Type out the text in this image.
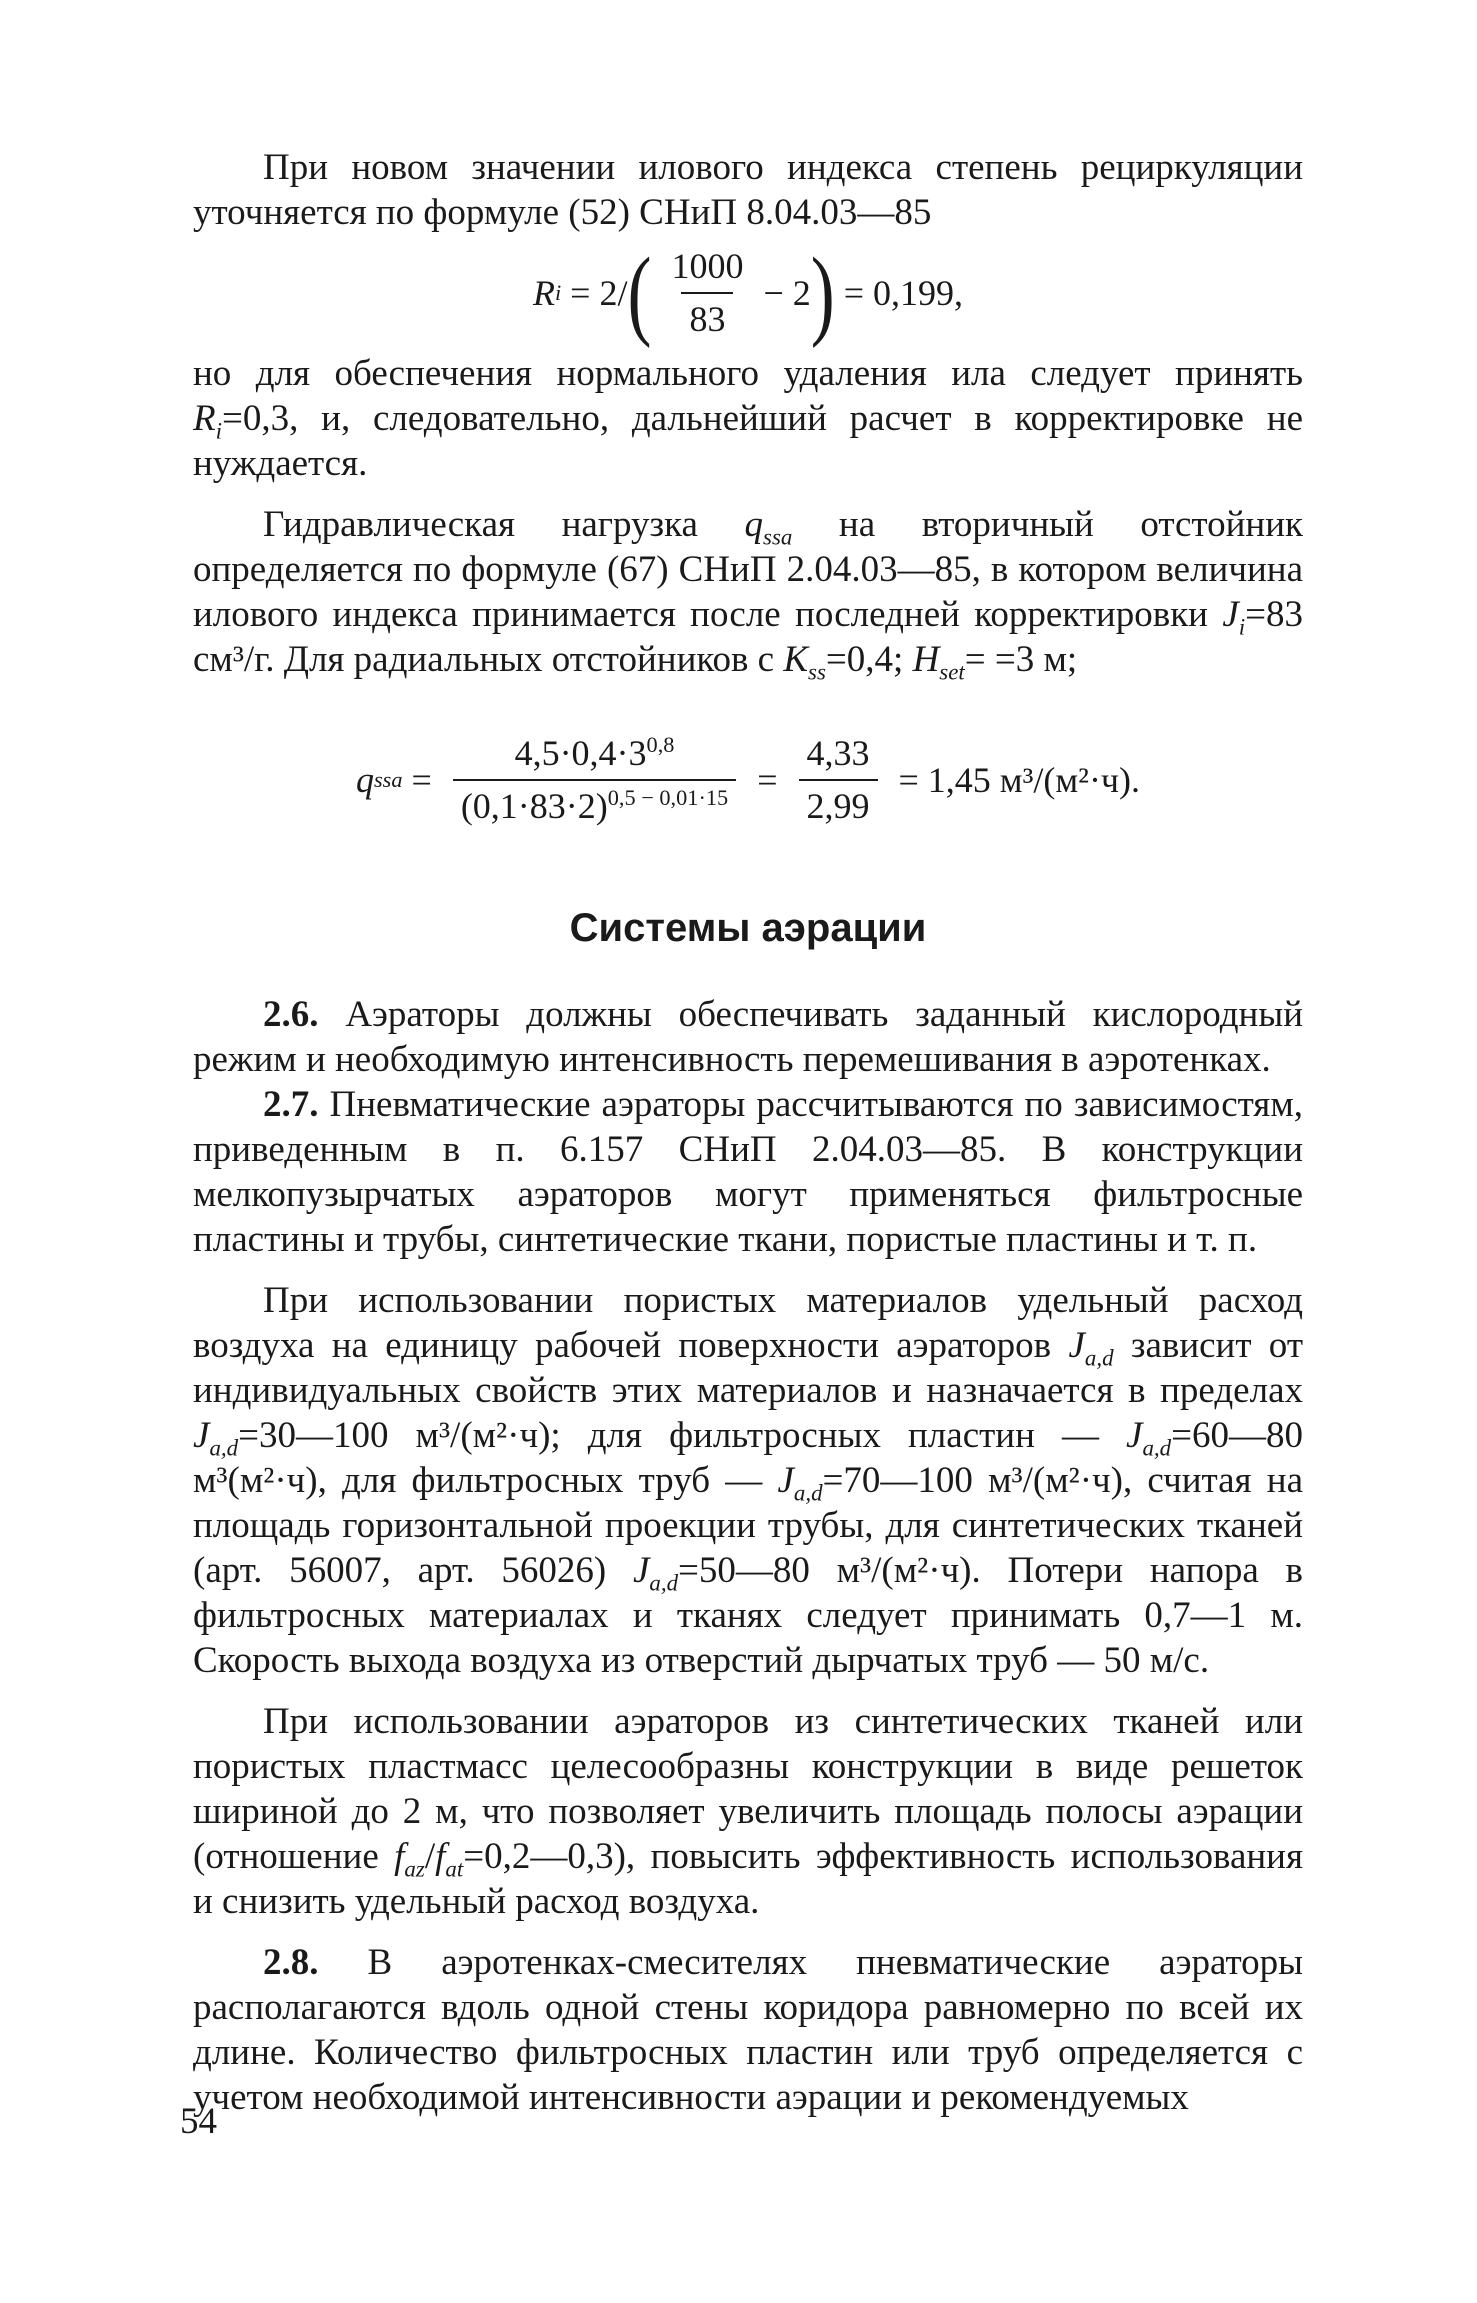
При новом значении илового индекса степень рециркуляции уточняется по формуле (52) СНиП 8.04.03—85

R i = 2/ ( $\frac{1000}{83} - 2$ ) = 0,199,

но для обеспечения нормального удаления ила следует принять $R_i=0,3$, и, следовательно, дальнейший расчет в корректировке не нуждается.

Гидравлическая нагрузка $q_{ssa}$ на вторичный отстойник определяется по формуле (67) СНиП 2.04.03—85, в котором величина илового индекса принимается после последней корректировки $J_i=83$ см³/г. Для радиальных отстойников с $K_{ss}=0,4$; $H_{set}= =3$ м;

q ssa = $\frac{4,5\cdot 0,4\cdot 3^{0,8}}{(0,1\cdot 83\cdot 2)^{0,5 - 0,01\cdot 15}} = \frac{4,33}{2,99} = 1,45$ м³/(м²·ч).
Системы аэрации

2.6. Аэраторы должны обеспечивать заданный кислородный режим и необходимую интенсивность перемешивания в аэротенках.

2.7. Пневматические аэраторы рассчитываются по зависимостям, приведенным в п. 6.157 СНиП 2.04.03—85. В конструкции мелкопузырчатых аэраторов могут применяться фильтросные пластины и трубы, синтетические ткани, пористые пластины и т. п.

При использовании пористых материалов удельный расход воздуха на единицу рабочей поверхности аэраторов $J_{a,d}$ зависит от индивидуальных свойств этих материалов и назначается в пределах $J_{a,d}=30—100$ м³/(м²·ч); для фильтросных пластин — $J_{a,d}=60—80$ м³(м²·ч), для фильтросных труб — $J_{a,d}=70—100$ м³/(м²·ч), считая на площадь горизонтальной проекции трубы, для синтетических тканей (арт. 56007, арт. 56026) $J_{a,d}=50—80$ м³/(м²·ч). Потери напора в фильтросных материалах и тканях следует принимать 0,7—1 м. Скорость выхода воздуха из отверстий дырчатых труб — 50 м/с.

При использовании аэраторов из синтетических тканей или пористых пластмасс целесообразны конструкции в виде решеток шириной до 2 м, что позволяет увеличить площадь полосы аэрации (отношение $f_{az}/f_{at}=0,2—0,3$), повысить эффективность использования и снизить удельный расход воздуха.

2.8. В аэротенках-смесителях пневматические аэраторы располагаются вдоль одной стены коридора равномерно по всей их длине. Количество фильтросных пластин или труб определяется с учетом необходимой интенсивности аэрации и рекомендуемых

54
